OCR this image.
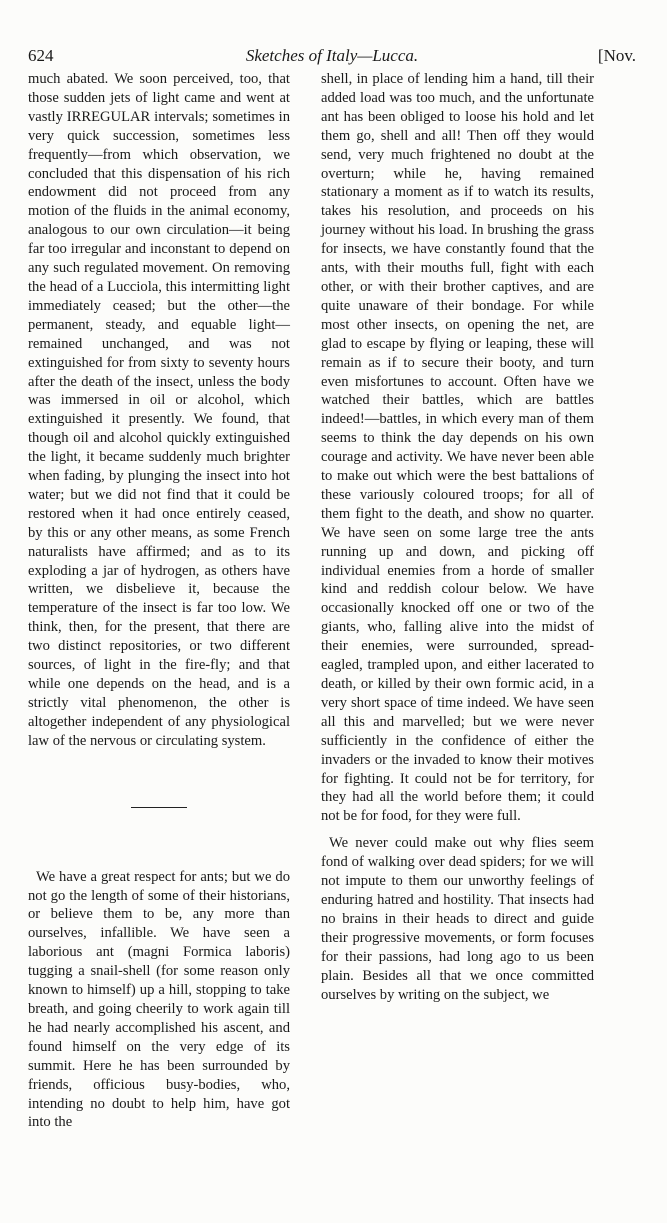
624	Sketches of Italy—Lucca.	[Nov.

much abated. We soon perceived, too, that those sudden jets of light came and went at vastly IRREGULAR intervals; sometimes in very quick succession, sometimes less frequently—from which observation, we concluded that this dispensation of his rich endowment did not proceed from any motion of the fluids in the animal economy, analogous to our own circulation—it being far too irregular and inconstant to depend on any such regulated movement. On removing the head of a Lucciola, this intermitting light immediately ceased; but the other—the permanent, steady, and equable light—remained unchanged, and was not extinguished for from sixty to seventy hours after the death of the insect, unless the body was immersed in oil or alcohol, which extinguished it presently. We found, that though oil and alcohol quickly extinguished the light, it became suddenly much brighter when fading, by plunging the insect into hot water; but we did not find that it could be restored when it had once entirely ceased, by this or any other means, as some French naturalists have affirmed; and as to its exploding a jar of hydrogen, as others have written, we disbelieve it, because the temperature of the insect is far too low. We think, then, for the present, that there are two distinct repositories, or two different sources, of light in the fire-fly; and that while one depends on the head, and is a strictly vital phenomenon, the other is altogether independent of any physiological law of the nervous or circulating system.

We have a great respect for ants; but we do not go the length of some of their historians, or believe them to be, any more than ourselves, infallible. We have seen a laborious ant (magni Formica laboris) tugging a snail-shell (for some reason only known to himself) up a hill, stopping to take breath, and going cheerily to work again till he had nearly accomplished his ascent, and found himself on the very edge of its summit. Here he has been surrounded by friends, officious busy-bodies, who, intending no doubt to help him, have got into the

shell, in place of lending him a hand, till their added load was too much, and the unfortunate ant has been obliged to loose his hold and let them go, shell and all! Then off they would send, very much frightened no doubt at the overturn; while he, having remained stationary a moment as if to watch its results, takes his resolution, and proceeds on his journey without his load. In brushing the grass for insects, we have constantly found that the ants, with their mouths full, fight with each other, or with their brother captives, and are quite unaware of their bondage. For while most other insects, on opening the net, are glad to escape by flying or leaping, these will remain as if to secure their booty, and turn even misfortunes to account. Often have we watched their battles, which are battles indeed!—battles, in which every man of them seems to think the day depends on his own courage and activity. We have never been able to make out which were the best battalions of these variously coloured troops; for all of them fight to the death, and show no quarter. We have seen on some large tree the ants running up and down, and picking off individual enemies from a horde of smaller kind and reddish colour below. We have occasionally knocked off one or two of the giants, who, falling alive into the midst of their enemies, were surrounded, spread-eagled, trampled upon, and either lacerated to death, or killed by their own formic acid, in a very short space of time indeed. We have seen all this and marvelled; but we were never sufficiently in the confidence of either the invaders or the invaded to know their motives for fighting. It could not be for territory, for they had all the world before them; it could not be for food, for they were full.

We never could make out why flies seem fond of walking over dead spiders; for we will not impute to them our unworthy feelings of enduring hatred and hostility. That insects had no brains in their heads to direct and guide their progressive movements, or form focuses for their passions, had long ago to us been plain. Besides all that we once committed ourselves by writing on the subject, we
